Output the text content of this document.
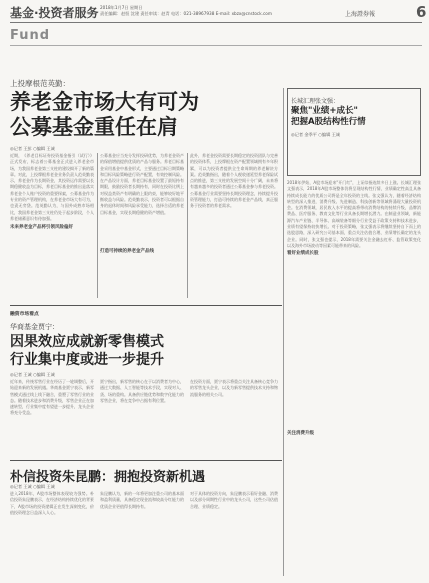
基金·投资者服务 2018年1月7日 星期日
责任编辑：赵恒 沈建 责任审读：赵青 电话：021-38967938 E-mail: xbzx@cnstock.com	上海證券報	6
Fund
上投摩根范英勤：
养老金市场大有可为
公募基金重任在肩
◎记者 王彭 ○编辑 王诚
近期，《养老目标证券投资基金指引（试行）》正式发布，标志着公募基金正式进入养老金市场，为我国养老金第三支柱的建设揭开了新的篇章。对此，上投摩根养老金业务负责人范英勤表示，养老金作为长期资金，其投资运作需要以长期稳健收益为目标，养老目标基金的推出是落实养老金个人账户投资的重要探索，公募基金作为专业的资产管理机构，在养老金市场大有可为，也责无旁贷。范英勤认为，与国外成熟市场相比，我国养老金第三支柱仍处于起步阶段，个人养老储蓄意识有待加强。
未来养老金产品将引领风险偏好
公募基金应当充分发挥投研优势，为养老金资产的保值增值提供优质的产品与服务。养老目标基金采用基金中基金形式，主要通过目标日期策略和目标风险策略进行资产配置，有效控制风险。在产品设计方面，养老目标基金设置了最短持有期限，鼓励投资者长期持有，同时在投资比例上对权益类资产有明确的上限约束，能够较好地平衡收益与风险。范英勤表示，投资者可以根据自身的退休时间和风险承受能力，选择合适的养老目标基金，实现长期稳健的资产增值。
打造可持续的养老金产品线
此外，养老金投资需要长期稳定的投资团队与完善的投资体系，上投摩根在资产配置领域拥有多年积累，可以为投资者提供全生命周期的养老解决方案。范英勤指出，随着个人税收递延型养老保险试点的推进，第三支柱的发展空间十分广阔，未来将有越来越多的投资者通过公募基金参与养老投资。公募基金行业需要坚持长期投资理念，持续提升投资管理能力，打造可持续的养老金产品线，真正服务于投资者的养老需求。
长城汇理张文强：
聚焦"业绩+成长"
把握A股结构性行情
◎记者 金季平 ○编辑 王诚
2018年伊始，A股市场迎来"开门红"，上证综指连续多日上涨。长城汇理张文强表示，2018年A股市场整体仍将呈现结构性行情，业绩确定性高且具备持续成长能力的优质公司将是全年投资的主线。张文强认为，随着经济结构转型的深入推进，消费升级、先进制造、科技创新等领域将涌现大量投资机会。在消费领域，居民收入水平的提高将带动消费结构的持续升级，品牌消费品、医疗服务、教育文化等行业具备长期增长潜力。在制造业领域，新能源汽车产业链、半导体、高端装备等细分行业受益于政策支持和技术进步，业绩有望保持较快增长。对于投资策略，张文强表示将继续坚持自下而上的选股思路，深入研究公司基本面，重点关注估值合理、业绩增长确定的龙头企业。同时，张文强也提示，2018年需要关注金融去杠杆、监管政策变化以及海外市场波动等因素可能带来的风险。
看好业绩成长股
关注消费升级
融资市场看点
华商基金贾宁：
因果效应成就新零售模式
行业集中度或进一步提升
◎记者 王诚 ○编辑 王诚
近年来，传统零售行业在经历了一轮调整后，开始迎来新的发展机遇。华商基金贾宁表示，新零售模式通过线上线下融合，重塑了零售行业的业态。随着技术进步和消费升级，零售企业正在加速转型，行业集中度有望进一步提升，龙头企业将充分受益。
贾宁指出，新零售的核心在于以消费者为中心，通过大数据、人工智能等技术手段，实现对人、货、场的重构。具备供应链优势和数字化能力的零售企业，将在竞争中占据有利位置。
在投资方面，贾宁表示将重点关注具备核心竞争力的零售龙头企业，以及为新零售提供技术支持和物流服务的相关公司。
朴信投资朱昆鹏：拥抱投资新机遇
◎记者 王诚 ○编辑 王诚
进入2018年，A股市场整体表现较为强势。朴信投资朱昆鹏表示，在经济结构持续优化的背景下，A股市场的投资逻辑正在发生深刻变化，价值投资理念日益深入人心。
朱昆鹏认为，新的一年将更加注重公司的基本面和盈利质量，具备稳定现金流和较高分红能力的优质企业更值得长期持有。
对于具体的投资方向，朱昆鹏表示看好金融、消费以及部分周期性行业中的龙头公司，这些公司估值合理、业绩稳定。
